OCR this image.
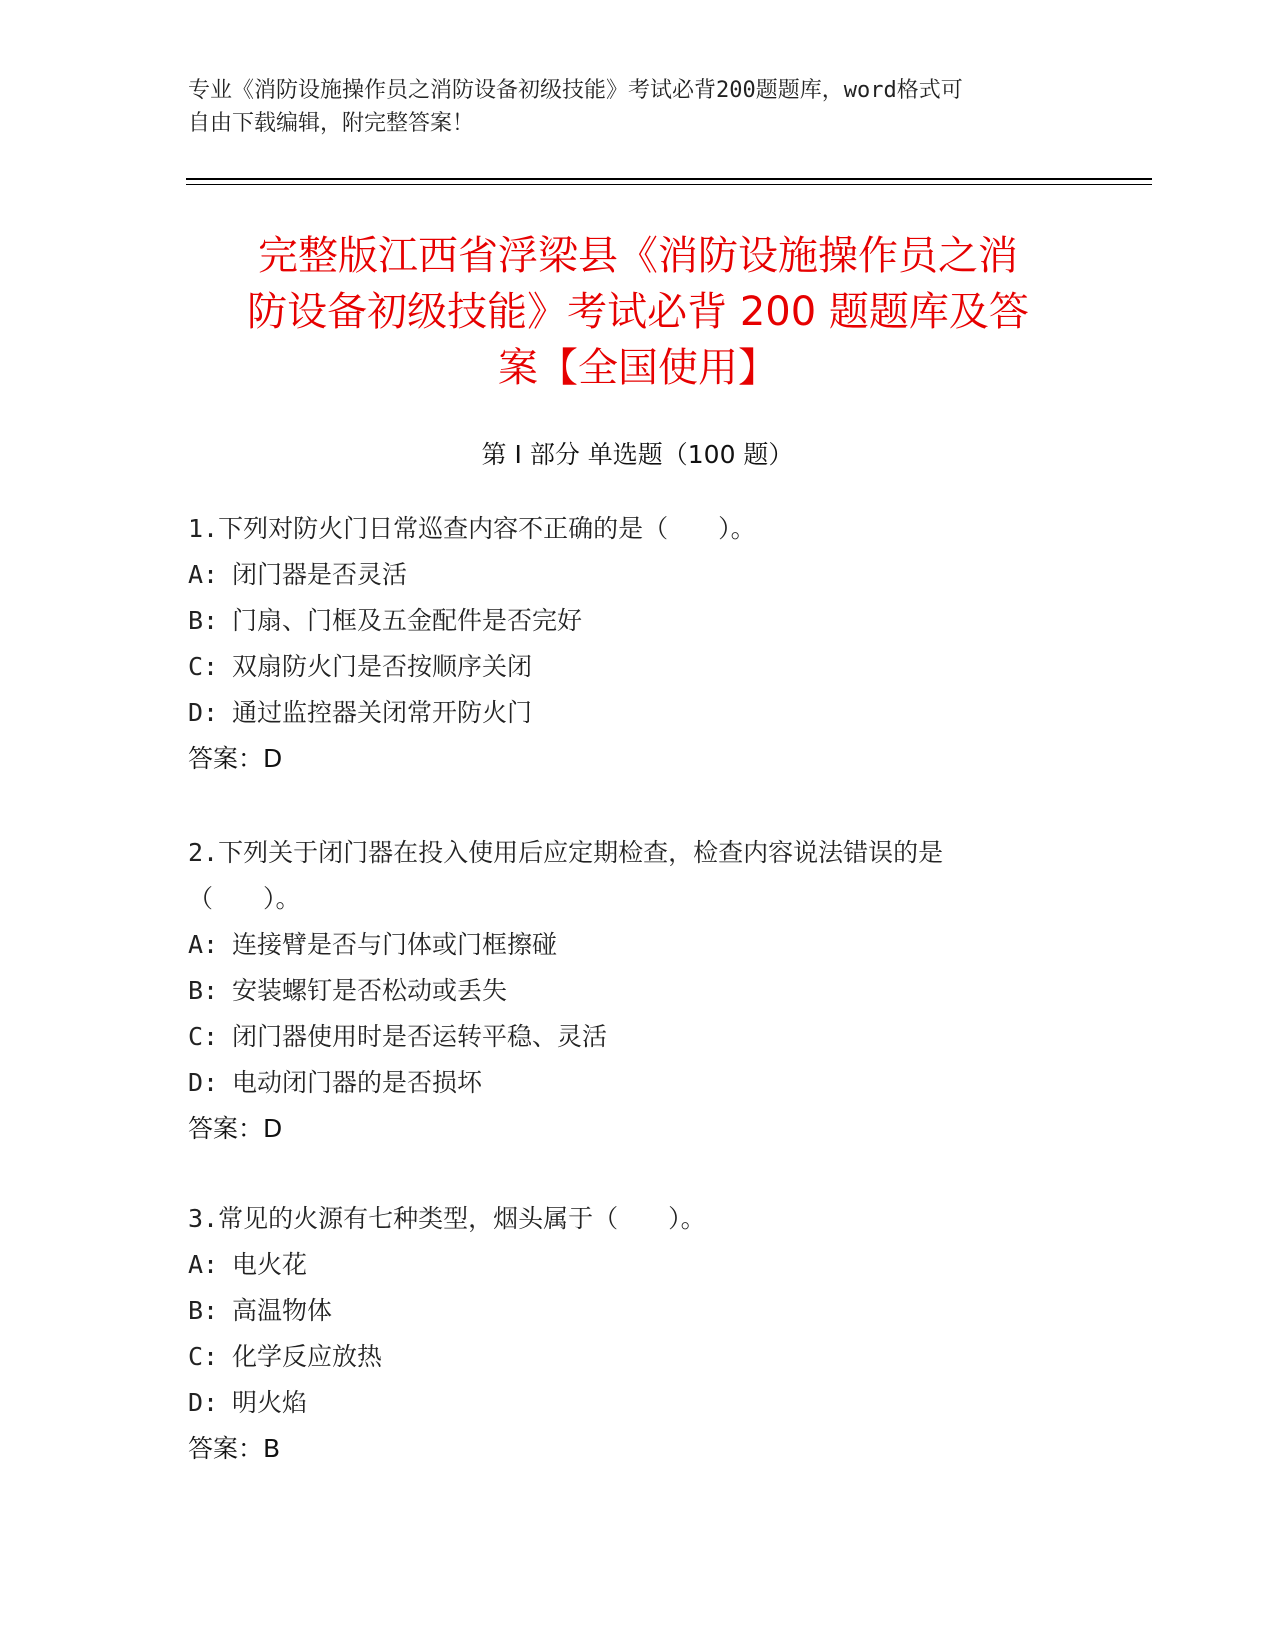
专业《消防设施操作员之消防设备初级技能》考试必背200题题库，word格式可
自由下载编辑，附完整答案！
完整版江西省浮梁县《消防设施操作员之消
防设备初级技能》考试必背 200 题题库及答
案【全国使用】
第 I 部分 单选题（100 题）

1.下列对防火门日常巡查内容不正确的是（　　）。

A: 闭门器是否灵活

B: 门扇、门框及五金配件是否完好

C: 双扇防火门是否按顺序关闭

D: 通过监控器关闭常开防火门

答案：D

2.下列关于闭门器在投入使用后应定期检查，检查内容说法错误的是

（　　）。

A: 连接臂是否与门体或门框擦碰

B: 安装螺钉是否松动或丢失

C: 闭门器使用时是否运转平稳、灵活

D: 电动闭门器的是否损坏

答案：D

3.常见的火源有七种类型，烟头属于（　　）。

A: 电火花

B: 高温物体

C: 化学反应放热

D: 明火焰

答案：B
